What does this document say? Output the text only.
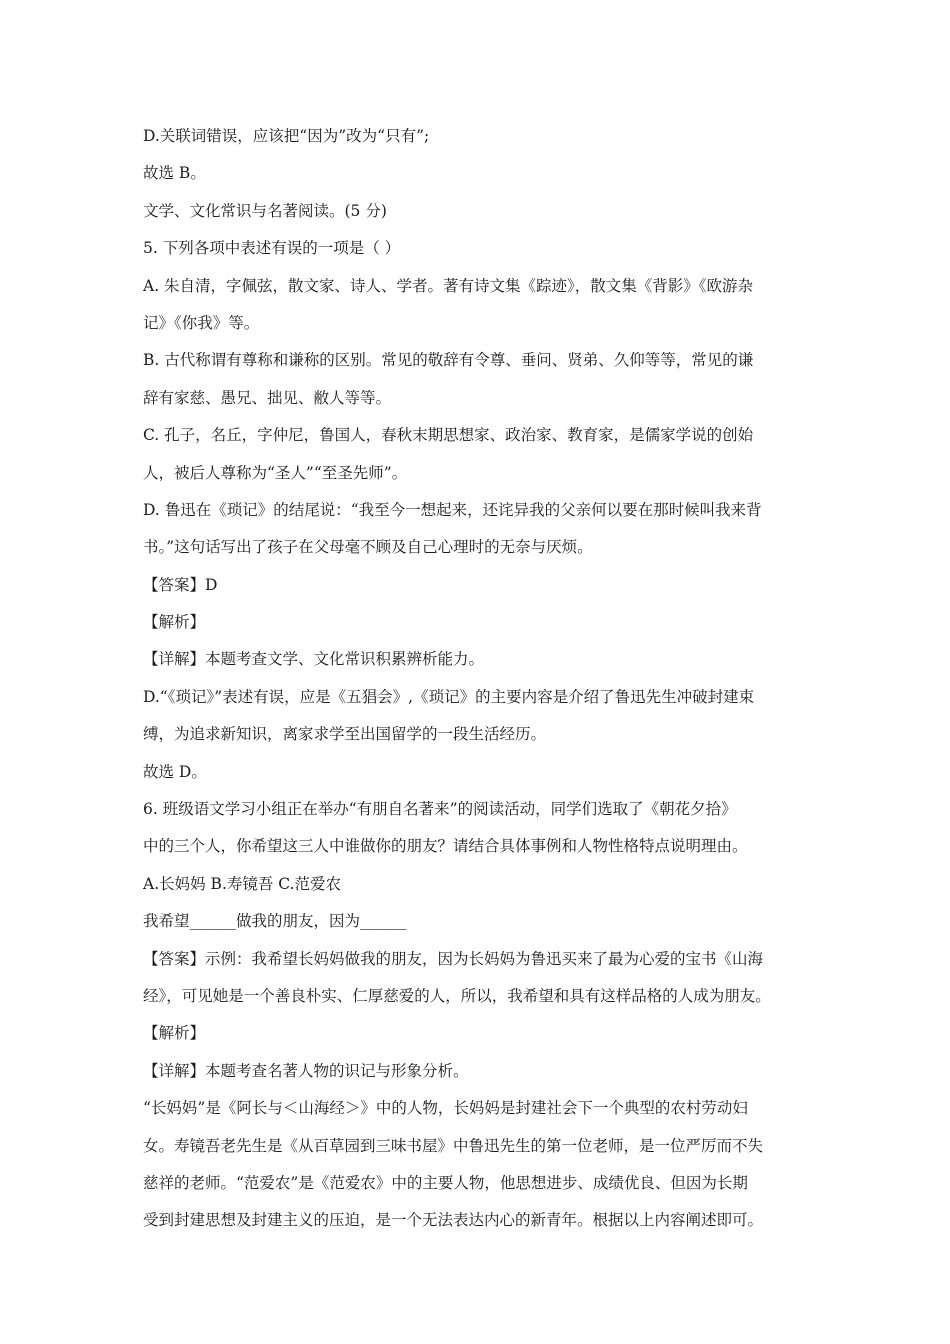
D.关联词错误，应该把“因为”改为“只有”;
故选 B。
文学、文化常识与名著阅读。(5 分)
5. 下列各项中表述有误的一项是（ ）
A. 朱自清，字佩弦，散文家、诗人、学者。著有诗文集《踪迹》，散文集《背影》《欧游杂
记》《你我》等。
B. 古代称谓有尊称和谦称的区别。常见的敬辞有令尊、垂问、贤弟、久仰等等，常见的谦
辞有家慈、愚兄、拙见、敝人等等。
C. 孔子，名丘，字仲尼，鲁国人，春秋末期思想家、政治家、教育家，是儒家学说的创始
人，被后人尊称为“圣人”“至圣先师”。
D. 鲁迅在《琐记》的结尾说：“我至今一想起来，还诧异我的父亲何以要在那时候叫我来背
书。”这句话写出了孩子在父母毫不顾及自己心理时的无奈与厌烦。
【答案】D
【解析】
【详解】本题考查文学、文化常识积累辨析能力。
D.“《琐记》”表述有误，应是《五猖会》,《琐记》的主要内容是介绍了鲁迅先生冲破封建束
缚，为追求新知识，离家求学至出国留学的一段生活经历。
故选 D。
6. 班级语文学习小组正在举办“有朋自名著来”的阅读活动，同学们选取了《朝花夕拾》
中的三个人，你希望这三人中谁做你的朋友？请结合具体事例和人物性格特点说明理由。
A.长妈妈 B.寿镜吾 C.范爱农
我希望______做我的朋友，因为______
【答案】示例：我希望长妈妈做我的朋友，因为长妈妈为鲁迅买来了最为心爱的宝书《山海
经》，可见她是一个善良朴实、仁厚慈爱的人，所以，我希望和具有这样品格的人成为朋友。
【解析】
【详解】本题考查名著人物的识记与形象分析。
“长妈妈”是《阿长与＜山海经＞》中的人物，长妈妈是封建社会下一个典型的农村劳动妇
女。寿镜吾老先生是《从百草园到三味书屋》中鲁迅先生的第一位老师，是一位严厉而不失
慈祥的老师。“范爱农”是《范爱农》中的主要人物，他思想进步、成绩优良、但因为长期
受到封建思想及封建主义的压迫，是一个无法表达内心的新青年。根据以上内容阐述即可。
